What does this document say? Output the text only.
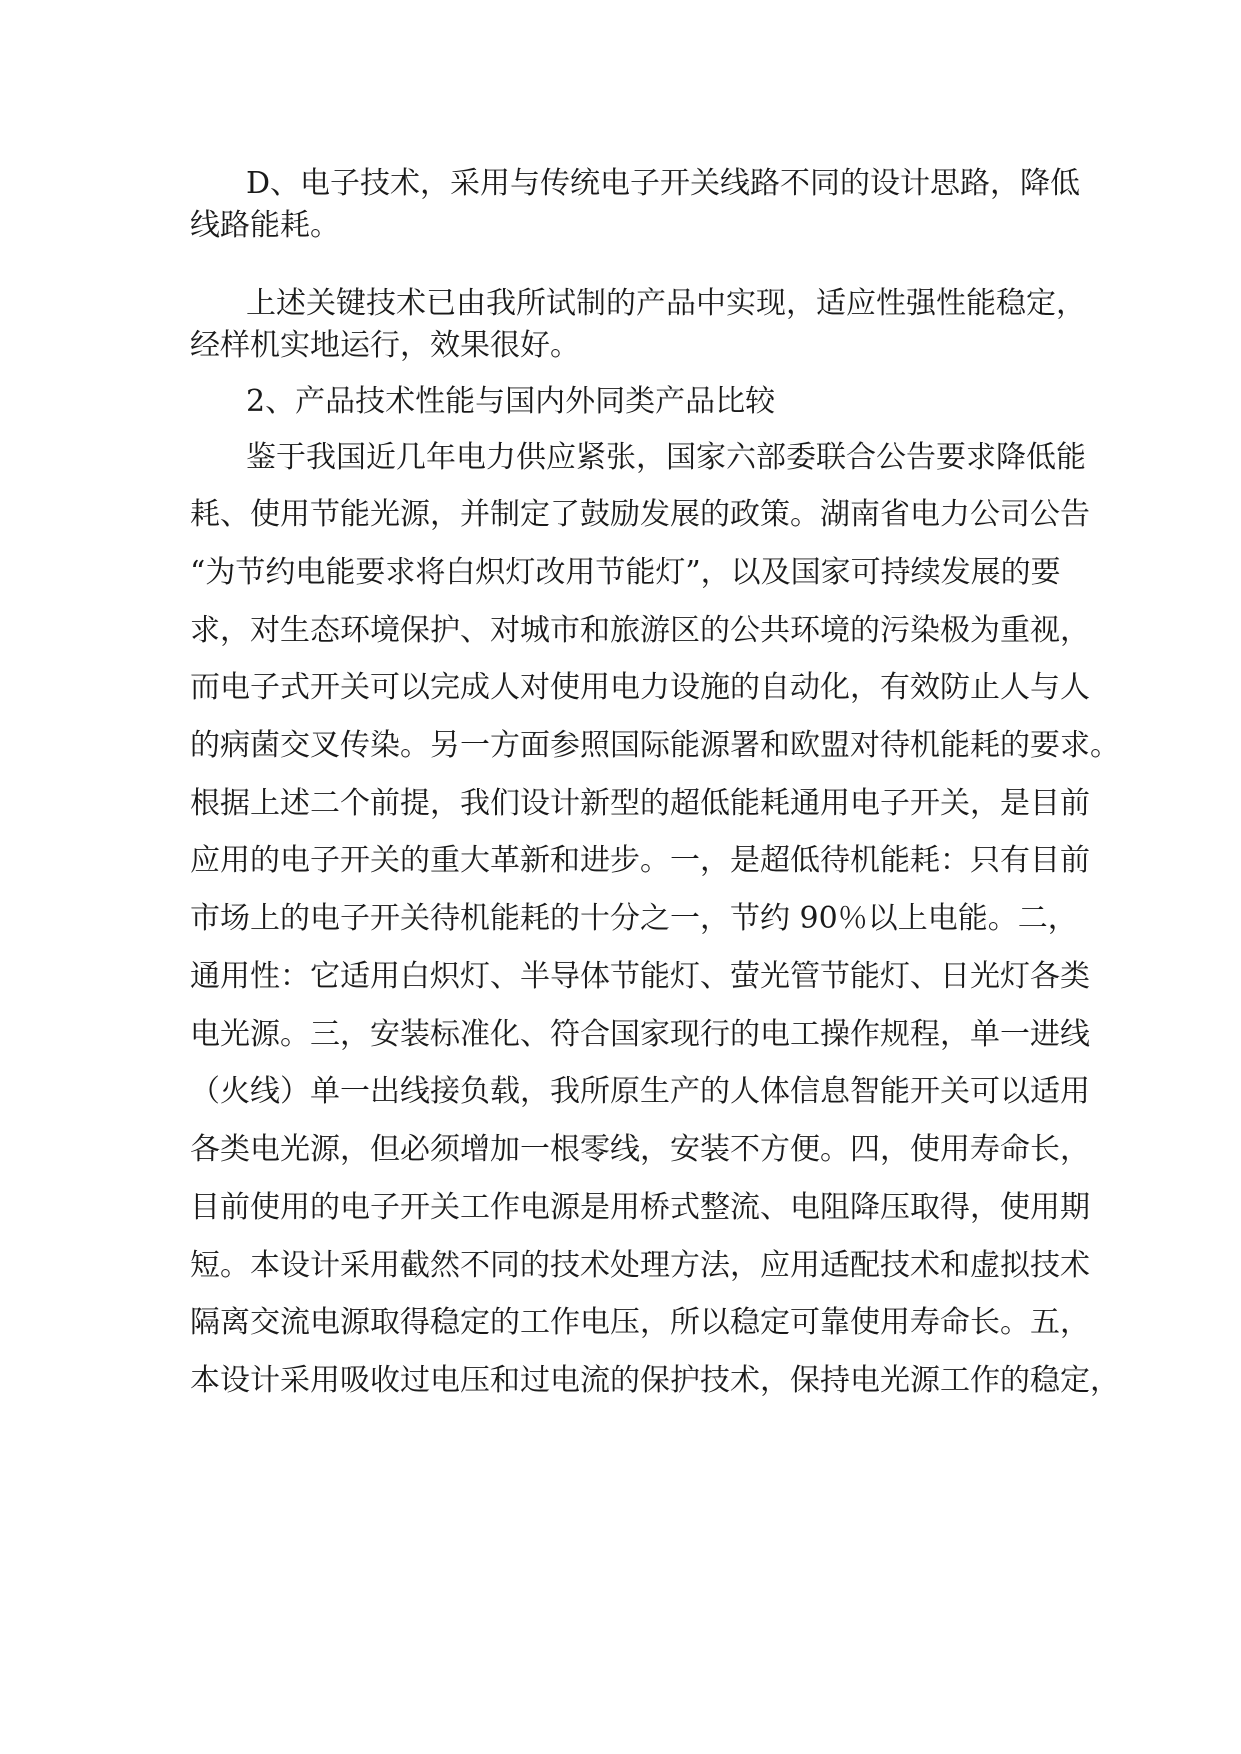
D、电子技术，采用与传统电子开关线路不同的设计思路，降低
线路能耗。
上述关键技术已由我所试制的产品中实现，适应性强性能稳定，
经样机实地运行，效果很好。
2、产品技术性能与国内外同类产品比较
鉴于我国近几年电力供应紧张，国家六部委联合公告要求降低能
耗、使用节能光源，并制定了鼓励发展的政策。湖南省电力公司公告
“为节约电能要求将白炽灯改用节能灯”，以及国家可持续发展的要
求，对生态环境保护、对城市和旅游区的公共环境的污染极为重视，
而电子式开关可以完成人对使用电力设施的自动化，有效防止人与人
的病菌交叉传染。另一方面参照国际能源署和欧盟对待机能耗的要求。
根据上述二个前提，我们设计新型的超低能耗通用电子开关，是目前
应用的电子开关的重大革新和进步。一，是超低待机能耗：只有目前
市场上的电子开关待机能耗的十分之一，节约 90％以上电能。二，
通用性：它适用白炽灯、半导体节能灯、萤光管节能灯、日光灯各类
电光源。三，安装标准化、符合国家现行的电工操作规程，单一进线
（火线）单一出线接负载，我所原生产的人体信息智能开关可以适用
各类电光源，但必须增加一根零线，安装不方便。四，使用寿命长，
目前使用的电子开关工作电源是用桥式整流、电阻降压取得，使用期
短。本设计采用截然不同的技术处理方法，应用适配技术和虚拟技术
隔离交流电源取得稳定的工作电压，所以稳定可靠使用寿命长。五，
本设计采用吸收过电压和过电流的保护技术，保持电光源工作的稳定，
